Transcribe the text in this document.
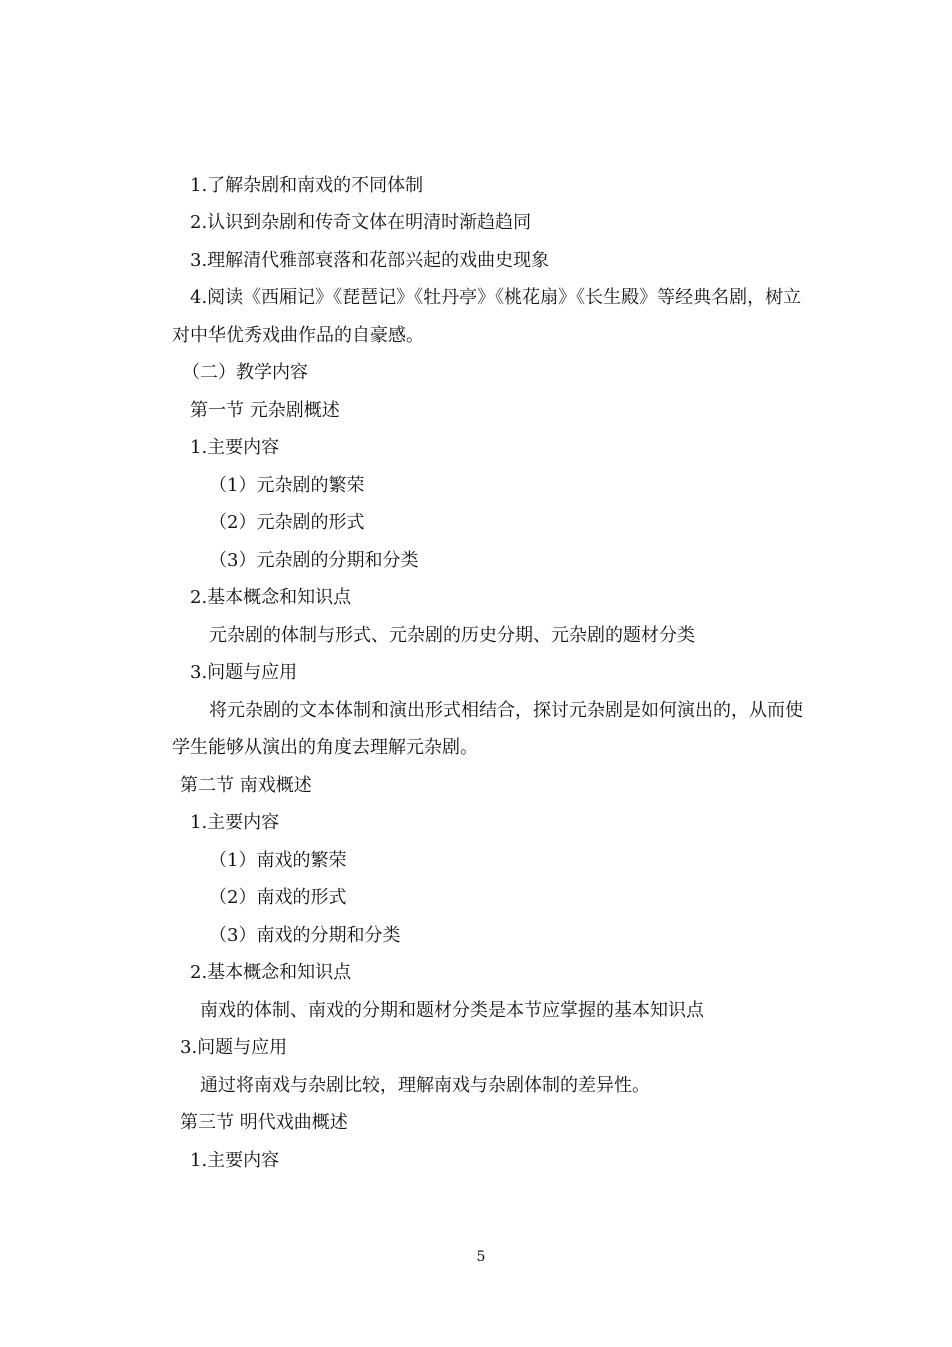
1.了解杂剧和南戏的不同体制
2.认识到杂剧和传奇文体在明清时渐趋趋同
3.理解清代雅部衰落和花部兴起的戏曲史现象
4.阅读《西厢记》《琵琶记》《牡丹亭》《桃花扇》《长生殿》等经典名剧，树立
对中华优秀戏曲作品的自豪感。
（二）教学内容
第一节 元杂剧概述
1.主要内容
（1）元杂剧的繁荣
（2）元杂剧的形式
（3）元杂剧的分期和分类
2.基本概念和知识点
元杂剧的体制与形式、元杂剧的历史分期、元杂剧的题材分类
3.问题与应用
将元杂剧的文本体制和演出形式相结合，探讨元杂剧是如何演出的，从而使
学生能够从演出的角度去理解元杂剧。
第二节 南戏概述
1.主要内容
（1）南戏的繁荣
（2）南戏的形式
（3）南戏的分期和分类
2.基本概念和知识点
南戏的体制、南戏的分期和题材分类是本节应掌握的基本知识点
3.问题与应用
通过将南戏与杂剧比较，理解南戏与杂剧体制的差异性。
第三节 明代戏曲概述
1.主要内容
5
